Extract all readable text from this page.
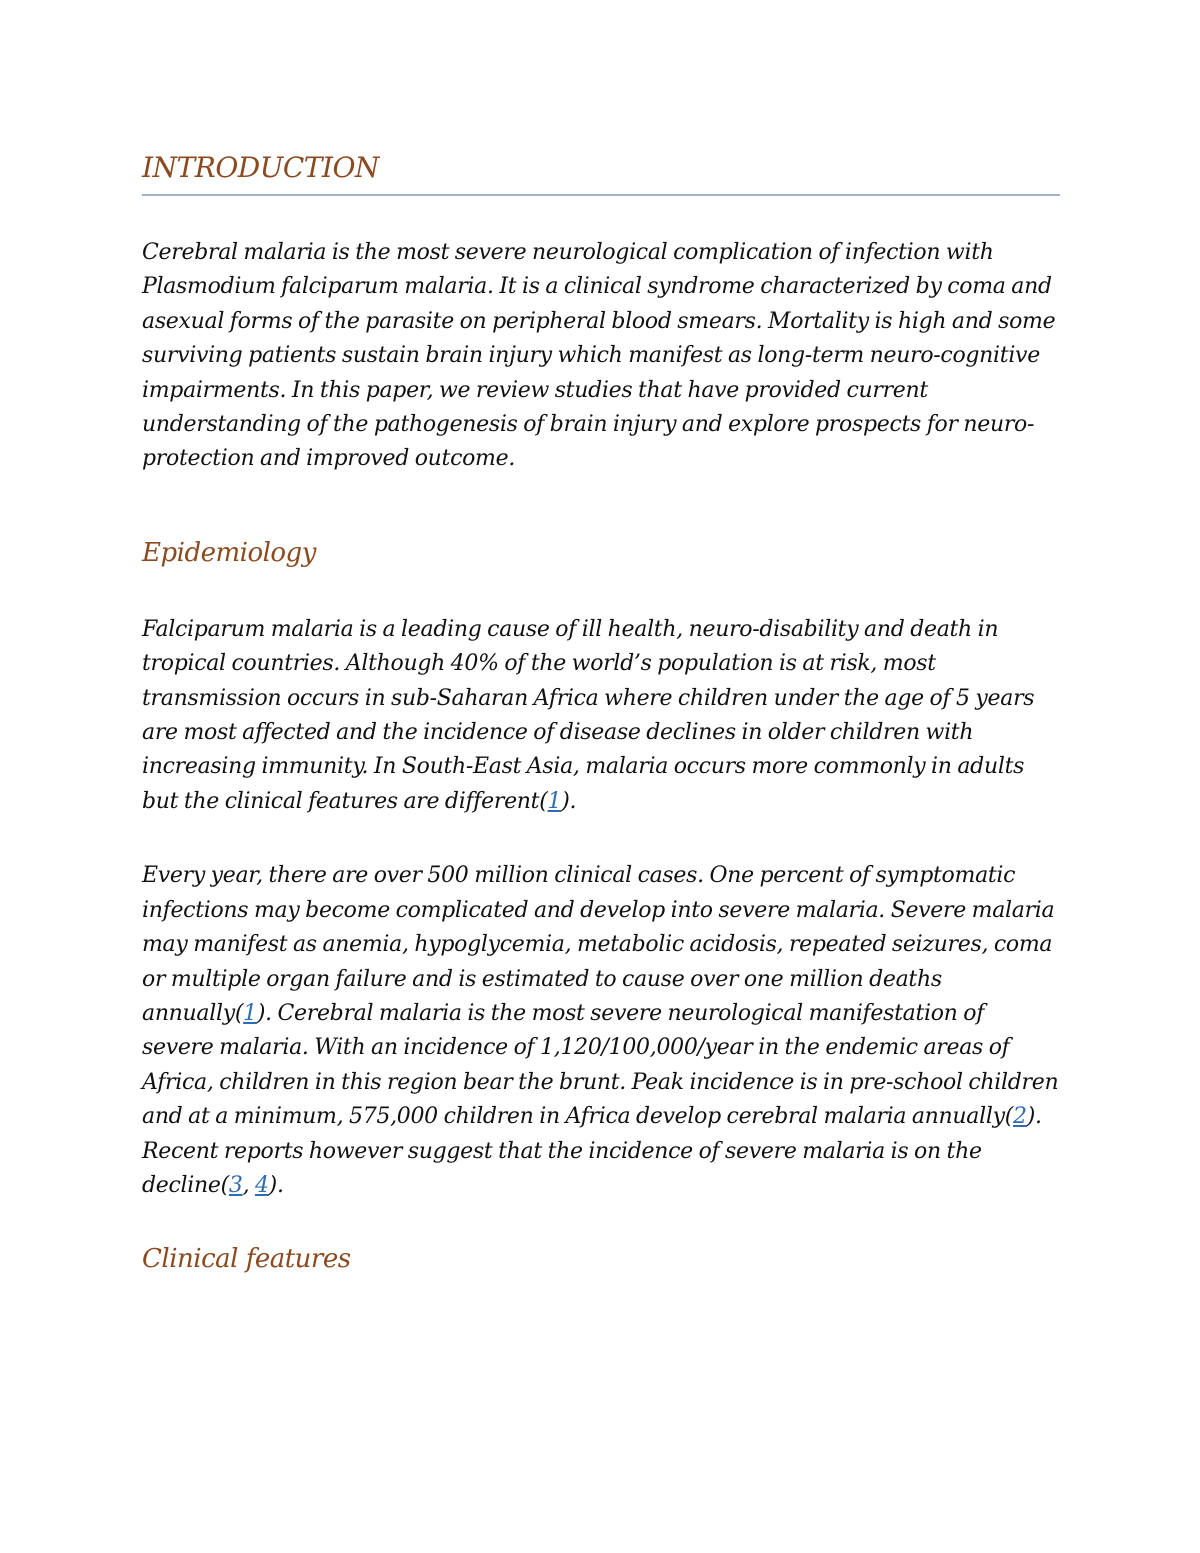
INTRODUCTION

Cerebral malaria is the most severe neurological complication of infection with Plasmodium falciparum malaria. It is a clinical syndrome characterized by coma and asexual forms of the parasite on peripheral blood smears. Mortality is high and some surviving patients sustain brain injury which manifest as long-term neuro-cognitive impairments. In this paper, we review studies that have provided current understanding of the pathogenesis of brain injury and explore prospects for neuro-protection and improved outcome.

Epidemiology

Falciparum malaria is a leading cause of ill health, neuro-disability and death in tropical countries. Although 40% of the world’s population is at risk, most transmission occurs in sub-Saharan Africa where children under the age of 5 years are most affected and the incidence of disease declines in older children with increasing immunity. In South-East Asia, malaria occurs more commonly in adults but the clinical features are different(1).

Every year, there are over 500 million clinical cases. One percent of symptomatic infections may become complicated and develop into severe malaria. Severe malaria may manifest as anemia, hypoglycemia, metabolic acidosis, repeated seizures, coma or multiple organ failure and is estimated to cause over one million deaths annually(1). Cerebral malaria is the most severe neurological manifestation of severe malaria. With an incidence of 1,120/100,000/year in the endemic areas of Africa, children in this region bear the brunt. Peak incidence is in pre-school children and at a minimum, 575,000 children in Africa develop cerebral malaria annually(2). Recent reports however suggest that the incidence of severe malaria is on the decline(3, 4).

Clinical features
